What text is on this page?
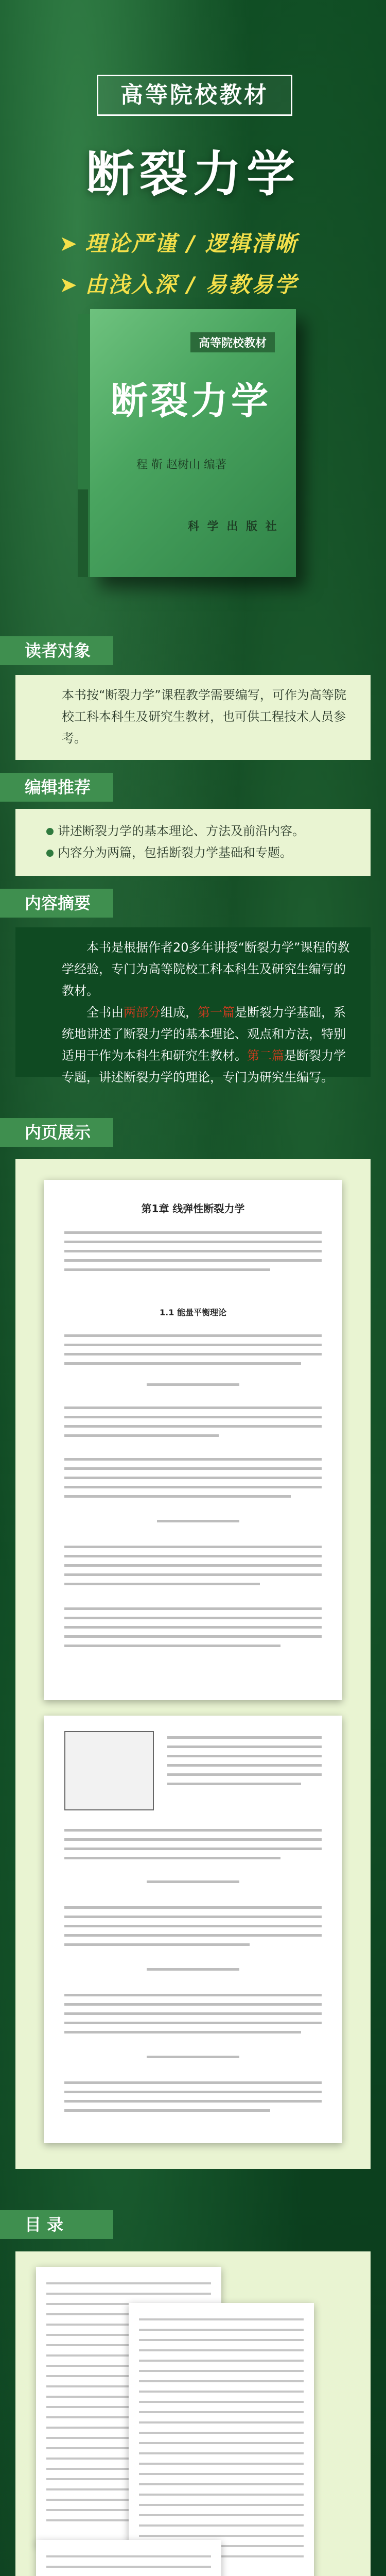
高等院校教材
断裂力学
➤ 理论严谨 / 逻辑清晰
➤ 由浅入深 / 易教易学
高等院校教材
断裂力学
程 靳 赵树山 编著
科 学 出 版 社
读者对象
本书按“断裂力学”课程教学需要编写，可作为高等院校工科本科生及研究生教材，也可供工程技术人员参考。
编辑推荐
讲述断裂力学的基本理论、方法及前沿内容。
内容分为两篇，包括断裂力学基础和专题。
内容摘要
本书是根据作者20多年讲授“断裂力学”课程的教学经验，专门为高等院校工科本科生及研究生编写的教材。
全书由两部分组成，第一篇是断裂力学基础，系统地讲述了断裂力学的基本理论、观点和方法，特别适用于作为本科生和研究生教材。第二篇是断裂力学专题，讲述断裂力学的理论，专门为研究生编写。
内页展示
第1章 线弹性断裂力学
1.1 能量平衡理论
目 录
